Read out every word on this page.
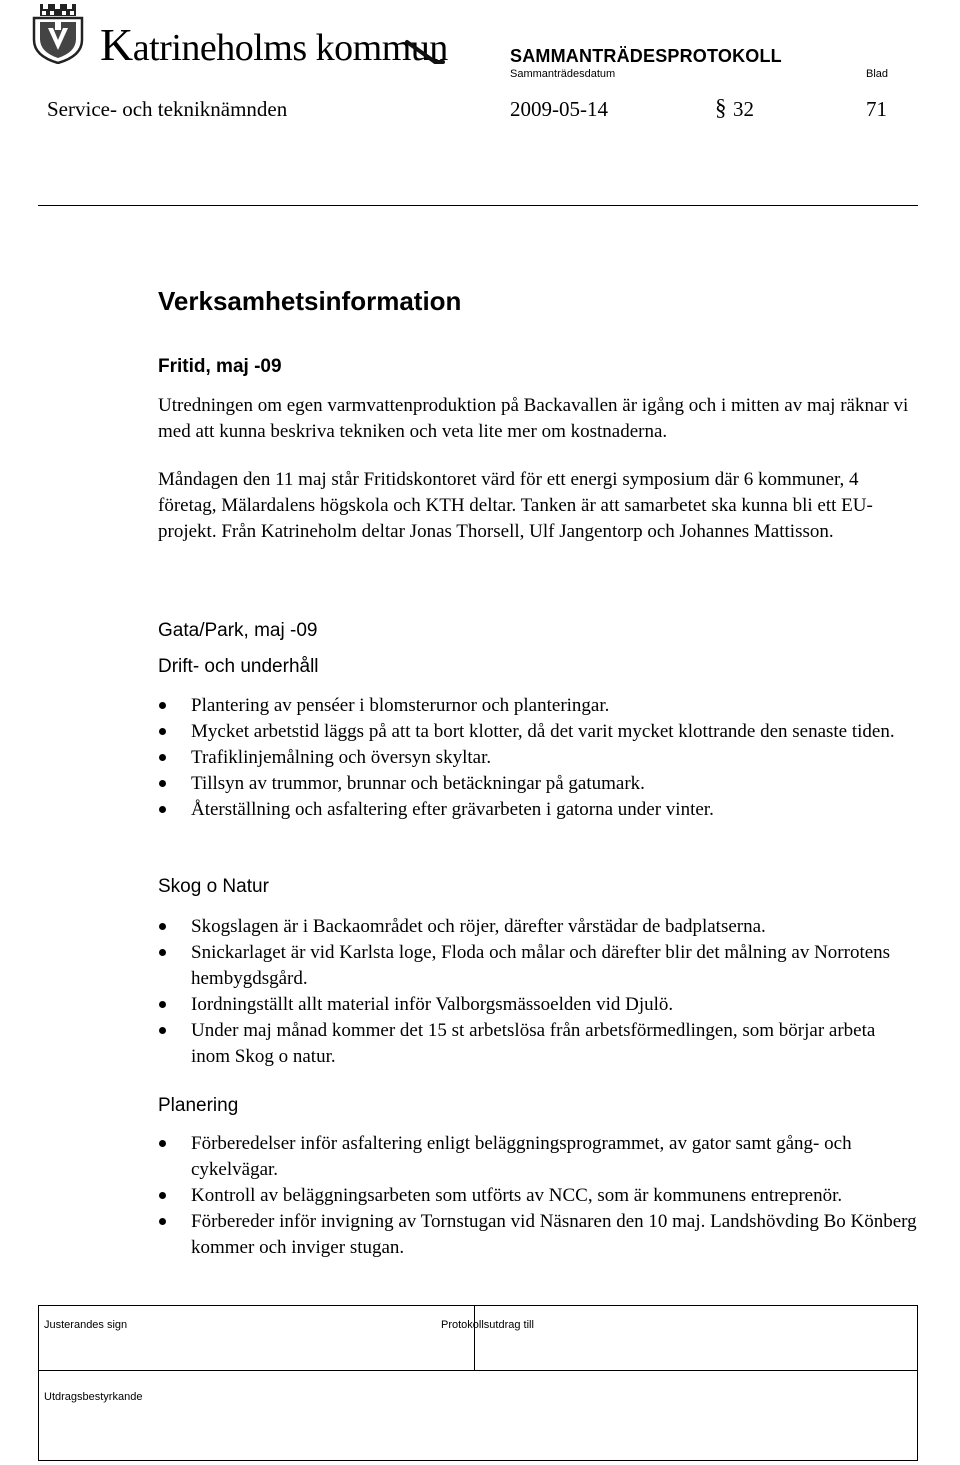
Katrineholms kommun	SAMMANTRÄDESPROTOKOLL
Sammanträdesdatum	Blad
Service- och tekniknämnden	2009-05-14	§ 32	71
Verksamhetsinformation
Fritid, maj -09

Utredningen om egen varmvattenproduktion på Backavallen är igång och i mitten av maj räknar vi med att kunna beskriva tekniken och veta lite mer om kostnaderna.

Måndagen den 11 maj står Fritidskontoret värd för ett energi symposium där 6 kommuner, 4 företag, Mälardalens högskola och KTH deltar. Tanken är att samarbetet ska kunna bli ett EU- projekt. Från Katrineholm deltar Jonas Thorsell, Ulf Jangentorp och Johannes Mattisson.

Gata/Park, maj -09
Drift- och underhåll
Plantering av penséer i blomsterurnor och planteringar.
Mycket arbetstid läggs på att ta bort klotter, då det varit mycket klottrande den senaste tiden.
Trafiklinjemålning och översyn skyltar.
Tillsyn av trummor, brunnar och betäckningar på gatumark.
Återställning och asfaltering efter grävarbeten i gatorna under vinter.
Skog o Natur
Skogslagen är i Backaområdet och röjer, därefter vårstädar de badplatserna.
Snickarlaget är vid Karlsta loge, Floda och målar och därefter blir det målning av Norrotens hembygdsgård.
Iordningställt allt material inför Valborgsmässoelden vid Djulö.
Under maj månad kommer det 15 st arbetslösa från arbetsförmedlingen, som börjar arbeta inom Skog o natur.
Planering
Förberedelser inför asfaltering enligt beläggningsprogrammet, av gator samt gång- och cykelvägar.
Kontroll av beläggningsarbeten som utförts av NCC, som är kommunens entreprenör.
Förbereder inför invigning av Tornstugan vid Näsnaren den 10 maj. Landshövding Bo Könberg kommer och inviger stugan.
Justerandes sign	Protokollsutdrag till
Utdragsbestyrkande
